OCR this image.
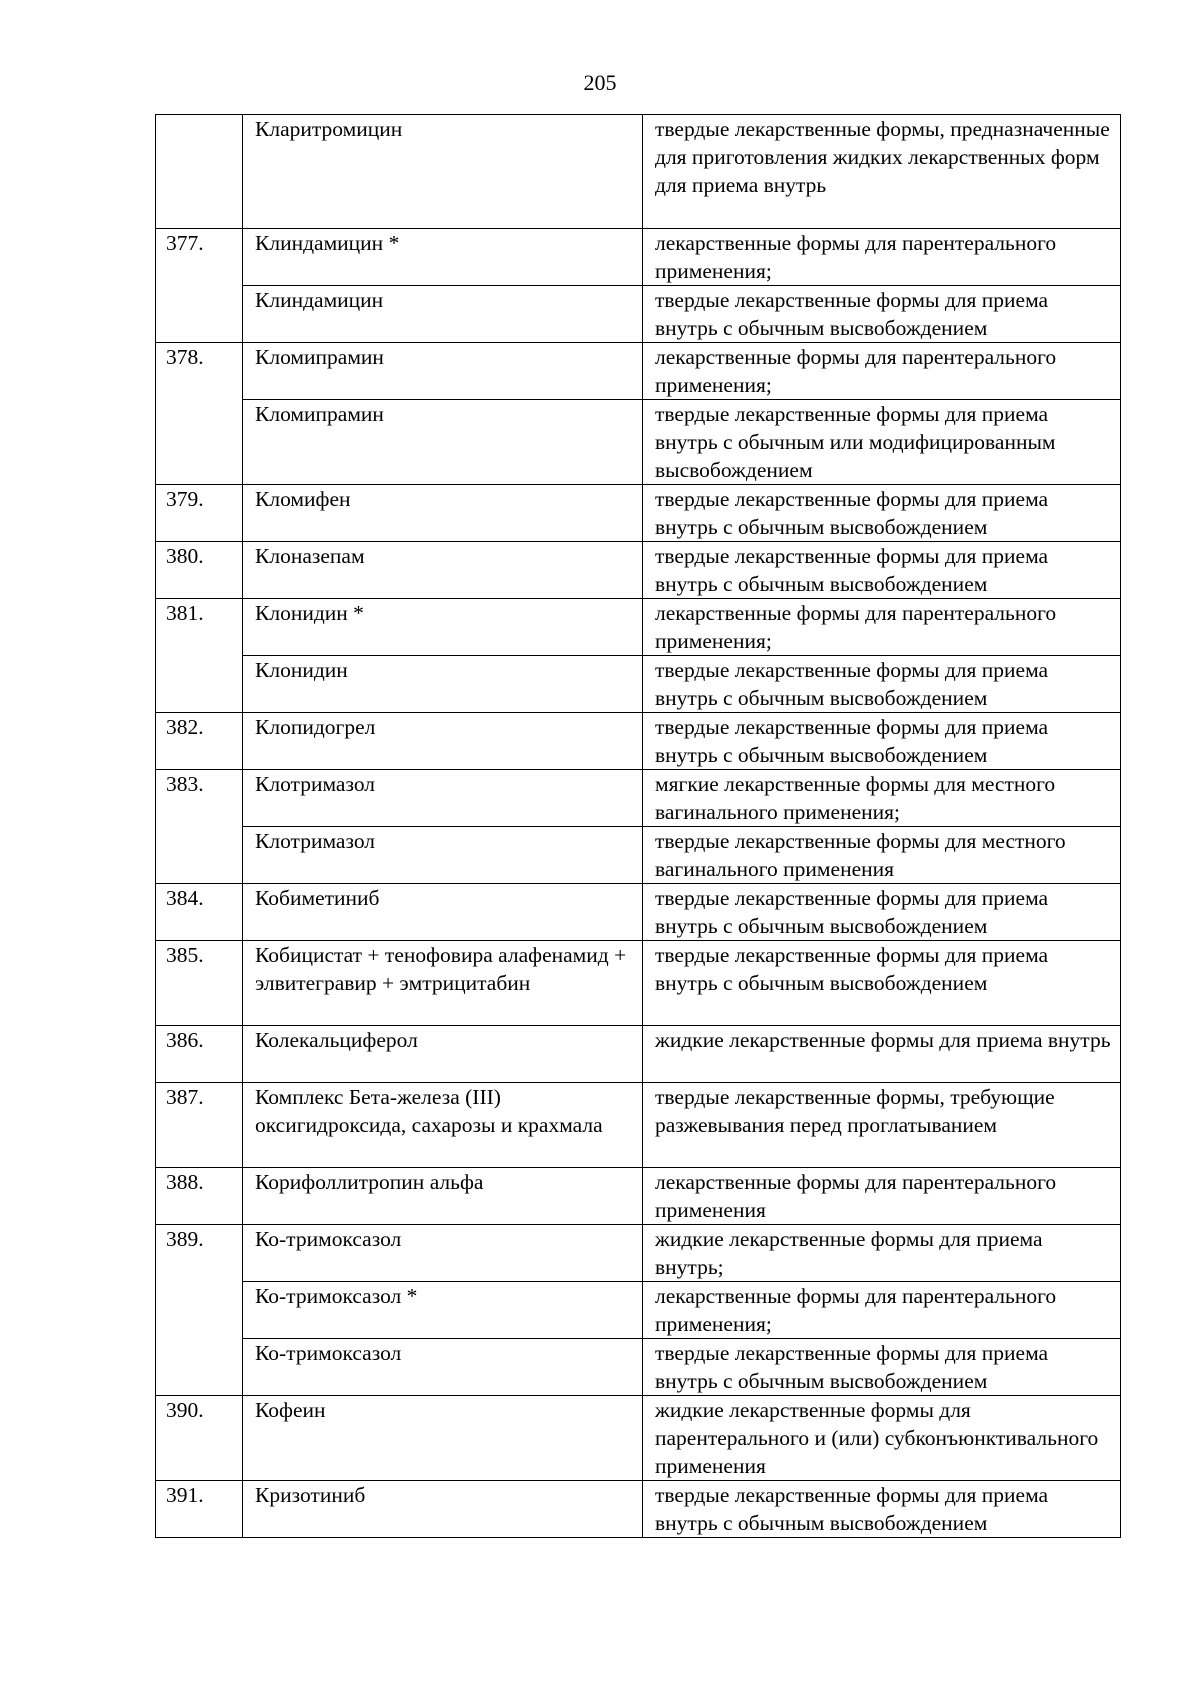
205
	Кларитромицин	твердые лекарственные формы, предназначенные для приготовления жидких лекарственных форм для приема внутрь
377.	Клиндамицин *	лекарственные формы для парентерального применения;
	Клиндамицин	твердые лекарственные формы для приема внутрь с обычным высвобождением
378.	Кломипрамин	лекарственные формы для парентерального применения;
	Кломипрамин	твердые лекарственные формы для приема внутрь с обычным или модифицированным высвобождением
379.	Кломифен	твердые лекарственные формы для приема внутрь с обычным высвобождением
380.	Клоназепам	твердые лекарственные формы для приема внутрь с обычным высвобождением
381.	Клонидин *	лекарственные формы для парентерального применения;
	Клонидин	твердые лекарственные формы для приема внутрь с обычным высвобождением
382.	Клопидогрел	твердые лекарственные формы для приема внутрь с обычным высвобождением
383.	Клотримазол	мягкие лекарственные формы для местного вагинального применения;
	Клотримазол	твердые лекарственные формы для местного вагинального применения
384.	Кобиметиниб	твердые лекарственные формы для приема внутрь с обычным высвобождением
385.	Кобицистат + тенофовира алафенамид + элвитегравир + эмтрицитабин	твердые лекарственные формы для приема внутрь с обычным высвобождением
386.	Колекальциферол	жидкие лекарственные формы для приема внутрь
387.	Комплекс Бета-железа (III) оксигидроксида, сахарозы и крахмала	твердые лекарственные формы, требующие разжевывания перед проглатыванием
388.	Корифоллитропин альфа	лекарственные формы для парентерального применения
389.	Ко-тримоксазол	жидкие лекарственные формы для приема внутрь;
	Ко-тримоксазол *	лекарственные формы для парентерального применения;
	Ко-тримоксазол	твердые лекарственные формы для приема внутрь с обычным высвобождением
390.	Кофеин	жидкие лекарственные формы для парентерального и (или) субконъюнктивального применения
391.	Кризотиниб	твердые лекарственные формы для приема внутрь с обычным высвобождением
